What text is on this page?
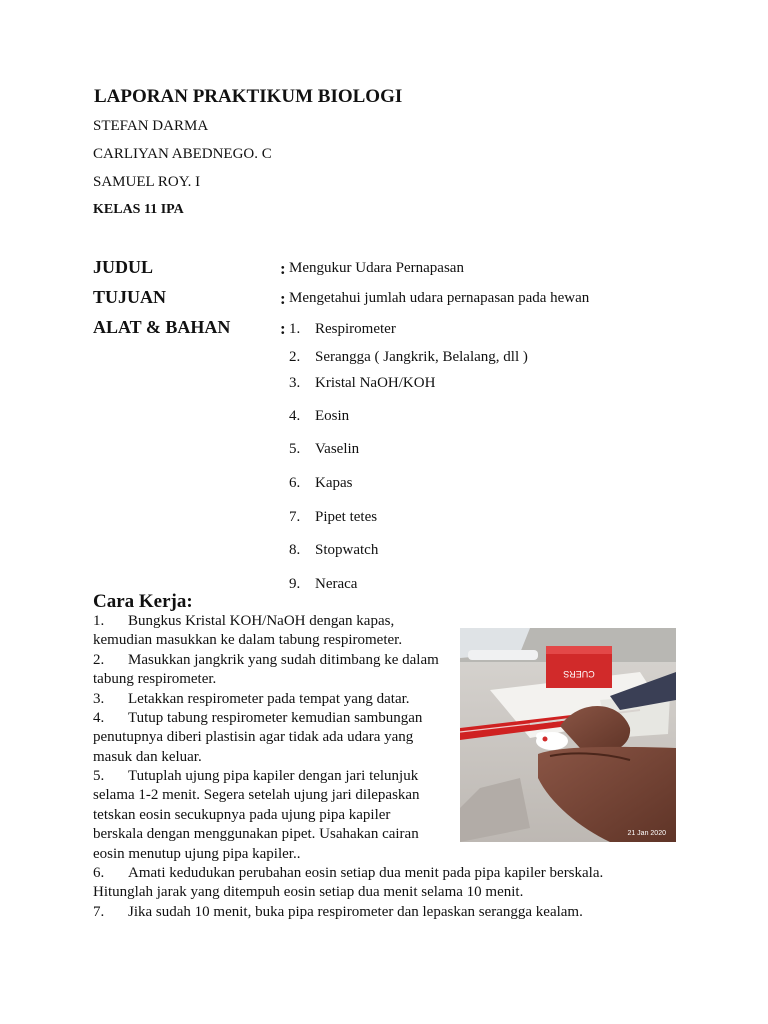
LAPORAN PRAKTIKUM BIOLOGI
STEFAN DARMA
CARLIYAN ABEDNEGO. C
SAMUEL ROY. I
KELAS 11 IPA
JUDUL	: Mengukur Udara Pernapasan
TUJUAN	: Mengetahui jumlah udara pernapasan pada hewan
ALAT & BAHAN	: 1. Respirometer
2. Serangga ( Jangkrik, Belalang, dll )
3. Kristal NaOH/KOH
4. Eosin
5. Vaselin
6. Kapas
7. Pipet tetes
8. Stopwatch
9. Neraca
Cara Kerja:
1. Bungkus Kristal KOH/NaOH dengan kapas,
kemudian masukkan ke dalam tabung respirometer.
2. Masukkan jangkrik yang sudah ditimbang ke dalam
tabung respirometer.
3. Letakkan respirometer pada tempat yang datar.
4. Tutup tabung respirometer kemudian sambungan
penutupnya diberi plastisin agar tidak ada udara yang
masuk dan keluar.
5. Tutuplah ujung pipa kapiler dengan jari telunjuk
selama 1-2 menit. Segera setelah ujung jari dilepaskan
tetskan eosin secukupnya pada ujung pipa kapiler
berskala dengan menggunakan pipet. Usahakan cairan
eosin menutup ujung pipa kapiler..
6. Amati kedudukan perubahan eosin setiap dua menit pada pipa kapiler berskala.
Hitunglah jarak yang ditempuh eosin setiap dua menit selama 10 menit.
7. Jika sudah 10 menit, buka pipa respirometer dan lepaskan serangga kealam.
CUERS
21 Jan 2020
